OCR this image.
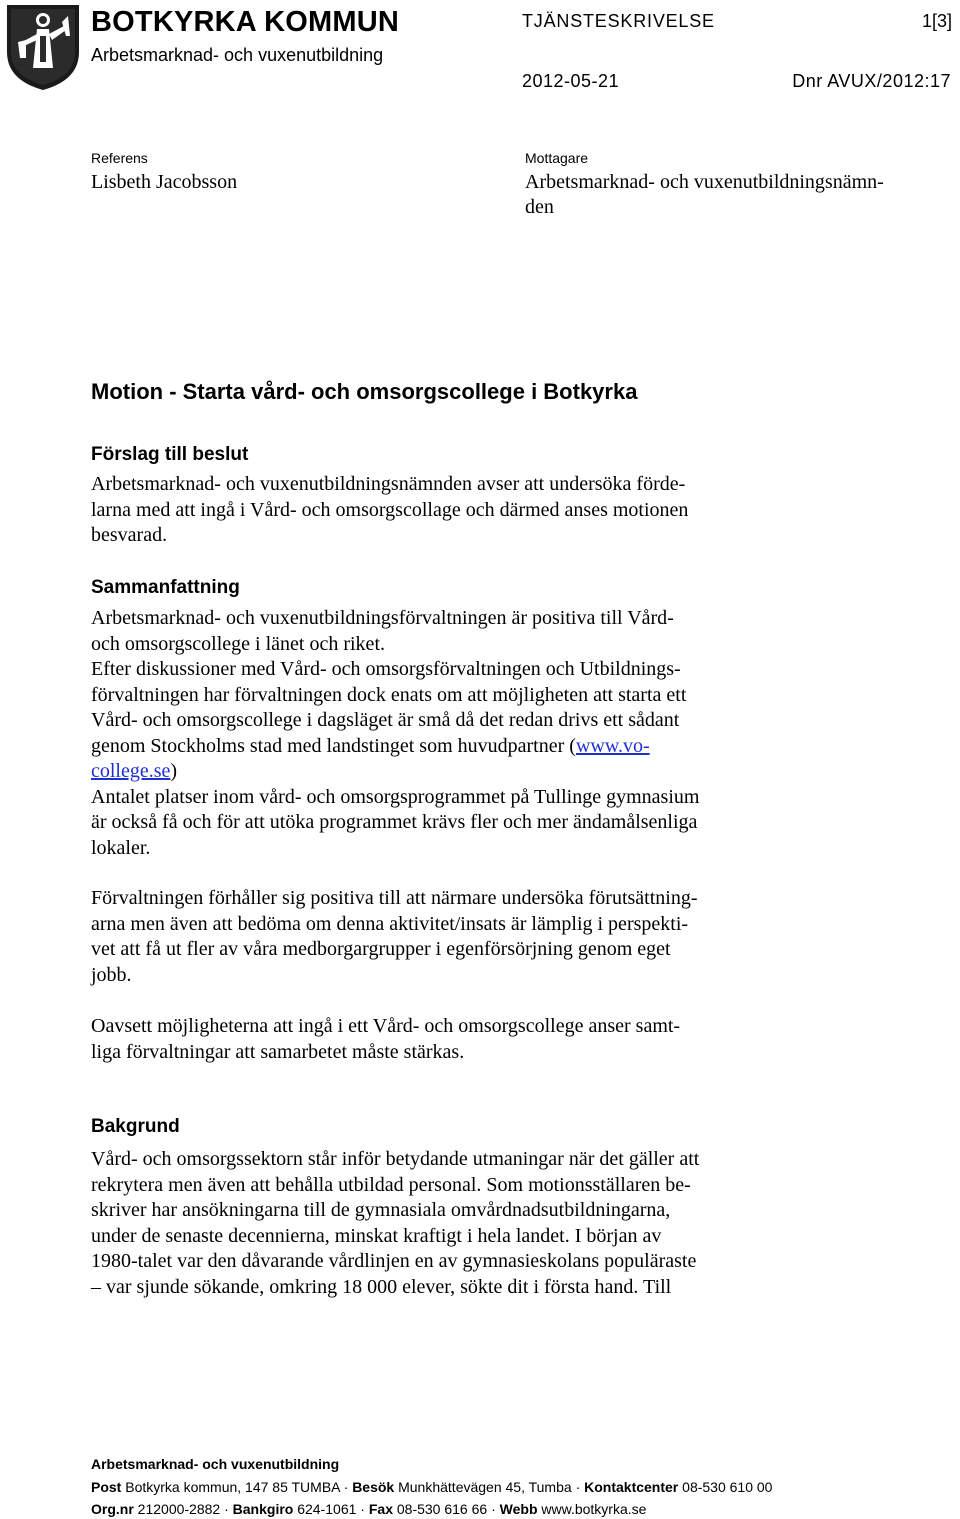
BOTKYRKA KOMMUN
Arbetsmarknad- och vuxenutbildning
TJÄNSTESKRIVELSE	1[3]
2012-05-21	Dnr AVUX/2012:17
Referens
Lisbeth Jacobsson
Mottagare
Arbetsmarknad- och vuxenutbildningsnämn-
den
Motion - Starta vård- och omsorgscollege i Botkyrka
Förslag till beslut
Arbetsmarknad- och vuxenutbildningsnämnden avser att undersöka förde-
larna med att ingå i Vård- och omsorgscollage och därmed anses motionen
besvarad.
Sammanfattning
Arbetsmarknad- och vuxenutbildningsförvaltningen är positiva till Vård-
och omsorgscollege i länet och riket.
Efter diskussioner med Vård- och omsorgsförvaltningen och Utbildnings-
förvaltningen har förvaltningen dock enats om att möjligheten att starta ett
Vård- och omsorgscollege i dagsläget är små då det redan drivs ett sådant
genom Stockholms stad med landstinget som huvudpartner (www.vo-
college.se)
Antalet platser inom vård- och omsorgsprogrammet på Tullinge gymnasium
är också få och för att utöka programmet krävs fler och mer ändamålsenliga
lokaler.
Förvaltningen förhåller sig positiva till att närmare undersöka förutsättning-
arna men även att bedöma om denna aktivitet/insats är lämplig i perspekti-
vet att få ut fler av våra medborgargrupper i egenförsörjning genom eget
jobb.
Oavsett möjligheterna att ingå i ett Vård- och omsorgscollege anser samt-
liga förvaltningar att samarbetet måste stärkas.
Bakgrund
Vård- och omsorgssektorn står inför betydande utmaningar när det gäller att
rekrytera men även att behålla utbildad personal. Som motionsställaren be-
skriver har ansökningarna till de gymnasiala omvårdnadsutbildningarna,
under de senaste decennierna, minskat kraftigt i hela landet. I början av
1980-talet var den dåvarande vårdlinjen en av gymnasieskolans populäraste
– var sjunde sökande, omkring 18 000 elever, sökte dit i första hand. Till
Arbetsmarknad- och vuxenutbildning
Post Botkyrka kommun, 147 85 TUMBA · Besök Munkhättevägen 45, Tumba · Kontaktcenter 08-530 610 00
Org.nr 212000-2882 · Bankgiro 624-1061 · Fax 08-530 616 66 · Webb www.botkyrka.se
